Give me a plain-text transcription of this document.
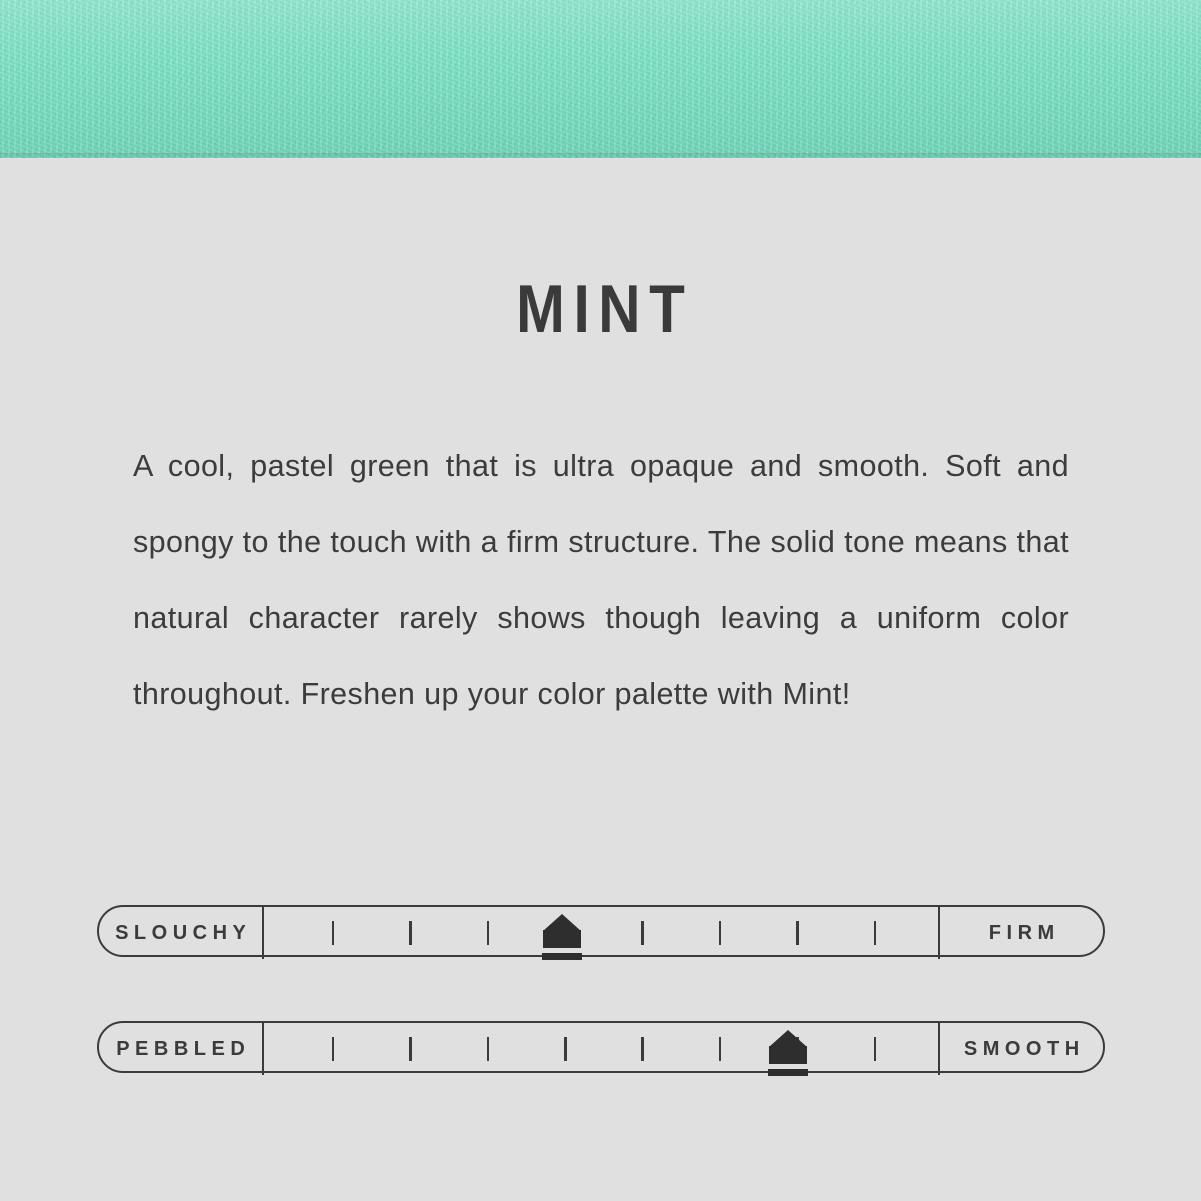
MINT
A cool, pastel green that is ultra opaque and smooth. Soft and spongy to the touch with a firm structure. The solid tone means that natural character rarely shows though leaving a uniform color throughout. Freshen up your color palette with Mint!
SLOUCHY	FIRM
PEBBLED	SMOOTH
